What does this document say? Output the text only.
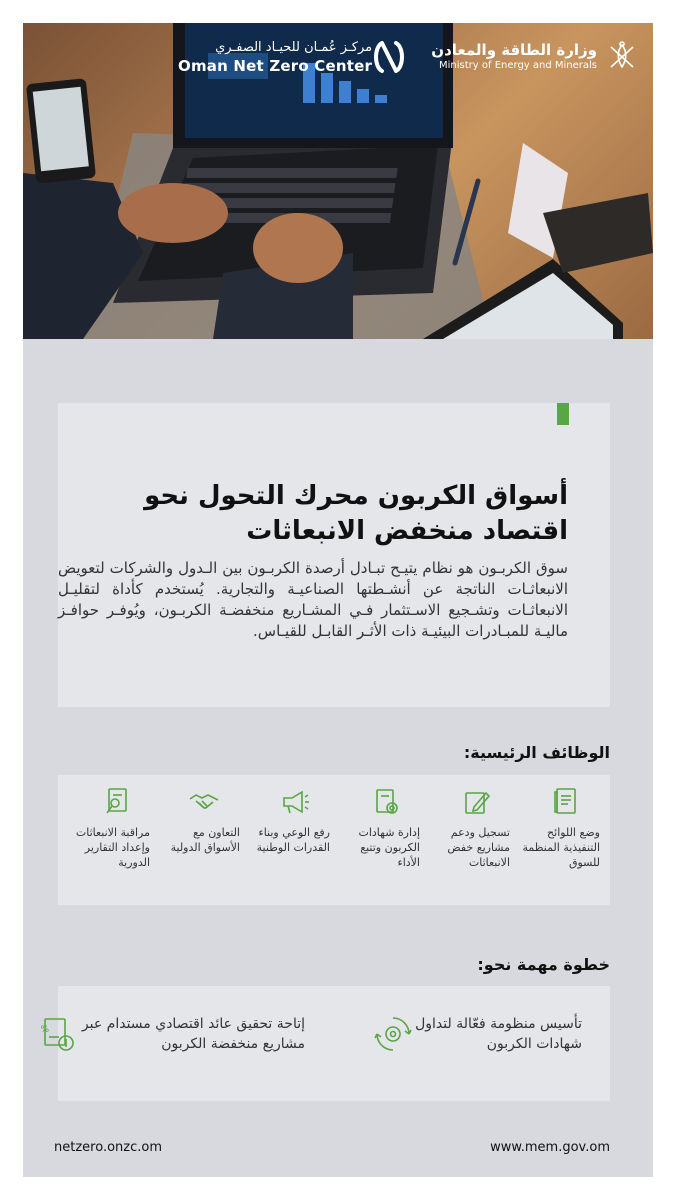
وزارة الطاقة والمعادن
Ministry of Energy and Minerals
مركـز عُمـان للحيـاد الصفـري
Oman Net Zero Center
أسواق الكربون محرك التحول نحو اقتصاد منخفض الانبعاثات
سوق الكربـون هو نظام يتيـح تبـادل أرصدة الكربـون بين الـدول والشركات لتعويض الانبعاثـات الناتجة عن أنشـطتها الصناعيـة والتجارية. يُستخدم كأداة لتقليـل الانبعاثـات وتشـجيع الاسـتثمار فـي المشـاريع منخفضـة الكربـون، ويُوفـر حوافـز ماليـة للمبـادرات البيئيـة ذات الأثـر القابـل للقيـاس.
الوظائف الرئيسية:
وضع اللوائح التنفيذية المنظمة للسوق
تسجيل ودعم مشاريع خفض الانبعاثات
إدارة شهادات الكربون وتتبع الأداء
رفع الوعي وبناء القدرات الوطنية
التعاون مع الأسواق الدولية
مراقبة الانبعاثات وإعداد التقارير الدورية
خطوة مهمة نحو:
تأسيس منظومة فعّالة لتداول شهادات الكربون
%	إتاحة تحقيق عائد اقتصادي مستدام عبر مشاريع منخفضة الكربون
netzero.onzc.om	www.mem.gov.om
